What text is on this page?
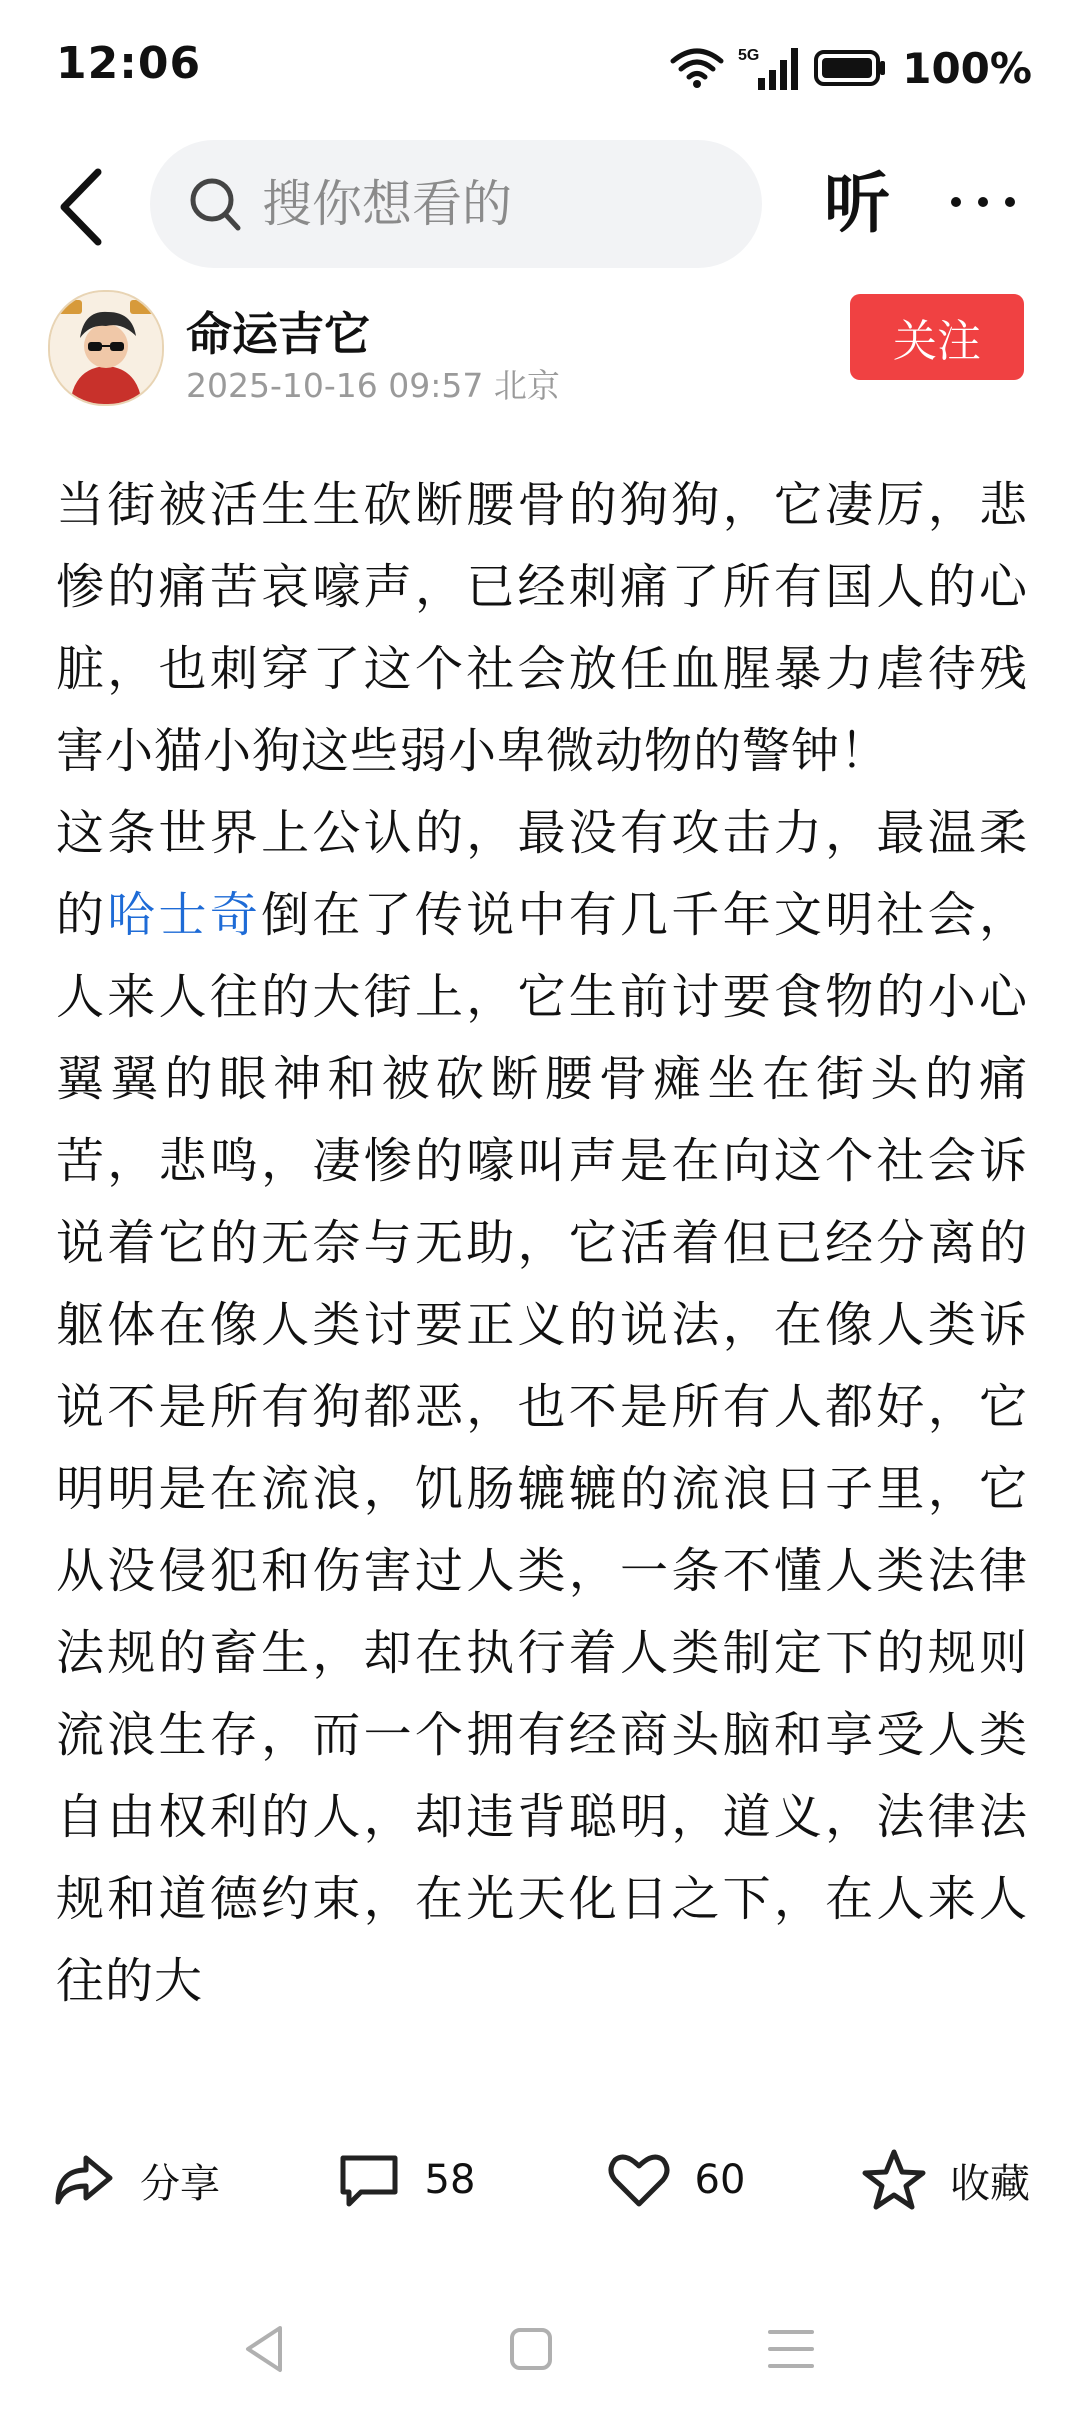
12:06	5G	100%
搜你想看的	听
命运吉它
2025-10-16 09:57 北京
关注

当街被活生生砍断腰骨的狗狗，它凄厉，悲惨的痛苦哀嚎声，已经刺痛了所有国人的心脏，也刺穿了这个社会放任血腥暴力虐待残害小猫小狗这些弱小卑微动物的警钟！

这条世界上公认的，最没有攻击力，最温柔的哈士奇倒在了传说中有几千年文明社会，人来人往的大街上，它生前讨要食物的小心翼翼的眼神和被砍断腰骨瘫坐在街头的痛苦，悲鸣，凄惨的嚎叫声是在向这个社会诉说着它的无奈与无助，它活着但已经分离的躯体在像人类讨要正义的说法，在像人类诉说不是所有狗都恶，也不是所有人都好，它明明是在流浪，饥肠辘辘的流浪日子里，它从没侵犯和伤害过人类，一条不懂人类法律法规的畜生，却在执行着人类制定下的规则流浪生存，而一个拥有经商头脑和享受人类自由权利的人，却违背聪明，道义，法律法规和道德约束，在光天化日之下，在人来人往的大

分享	58	60	收藏
